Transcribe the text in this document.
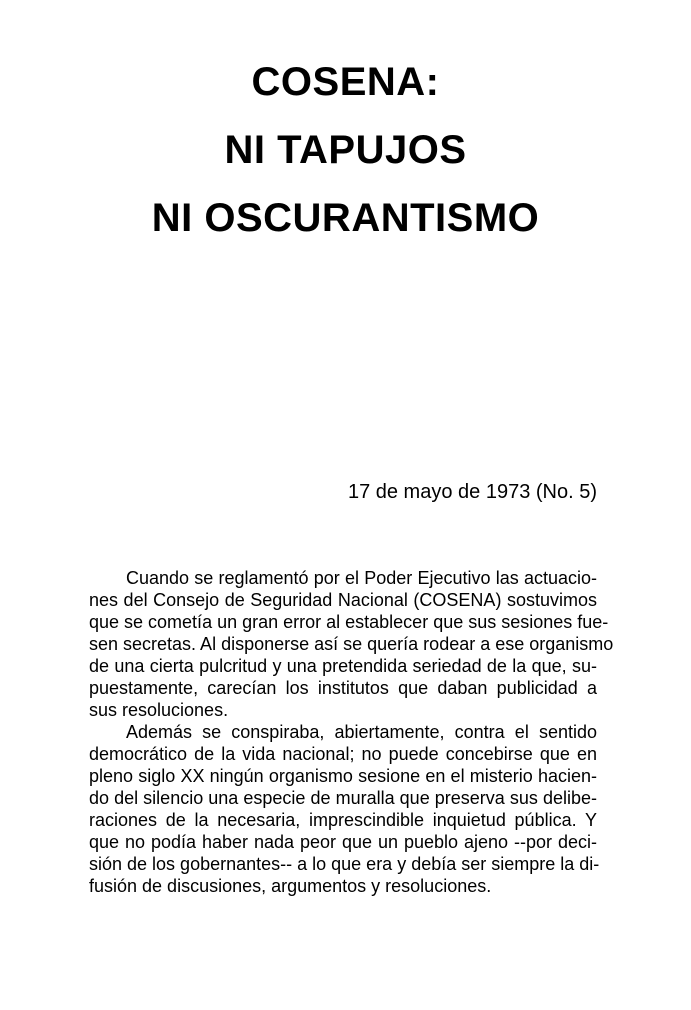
COSENA:
NI TAPUJOS
NI OSCURANTISMO
17 de mayo de 1973 (No. 5)
Cuando se reglamentó por el Poder Ejecutivo las actuacio-
nes del Consejo de Seguridad Nacional (COSENA) sostuvimos
que se cometía un gran error al establecer que sus sesiones fue-
sen secretas. Al disponerse así se quería rodear a ese organismo
de una cierta pulcritud y una pretendida seriedad de la que, su-
puestamente, carecían los institutos que daban publicidad a
sus resoluciones.
Además se conspiraba, abiertamente, contra el sentido
democrático de la vida nacional; no puede concebirse que en
pleno siglo XX ningún organismo sesione en el misterio hacien-
do del silencio una especie de muralla que preserva sus delibe-
raciones de la necesaria, imprescindible inquietud pública. Y
que no podía haber nada peor que un pueblo ajeno --por deci-
sión de los gobernantes-- a lo que era y debía ser siempre la di-
fusión de discusiones, argumentos y resoluciones.
